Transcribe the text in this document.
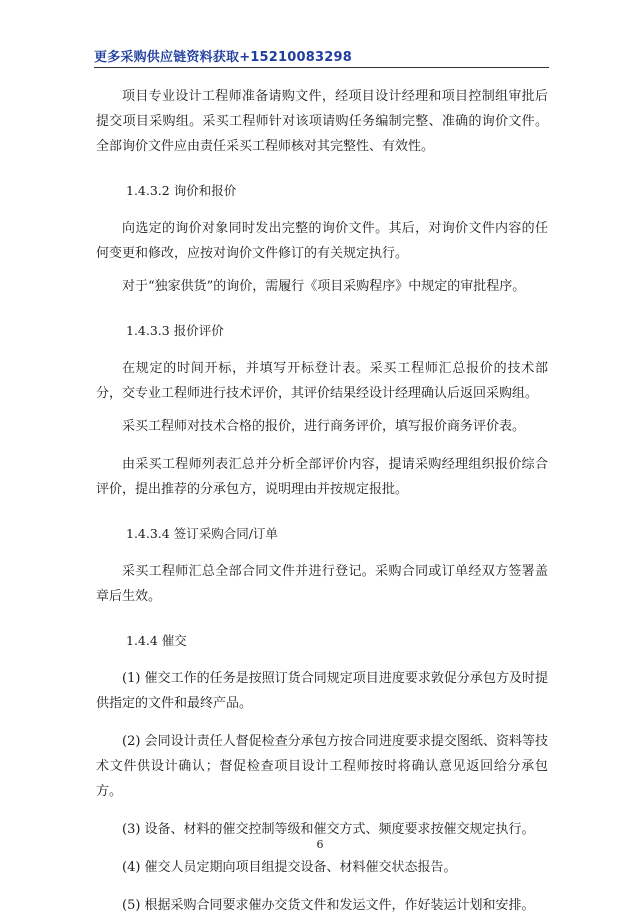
更多采购供应链资料获取+15210083298

项目专业设计工程师准备请购文件，经项目设计经理和项目控制组审批后提交项目采购组。采买工程师针对该项请购任务编制完整、准确的询价文件。全部询价文件应由责任采买工程师核对其完整性、有效性。

1.4.3.2 询价和报价

向选定的询价对象同时发出完整的询价文件。其后，对询价文件内容的任何变更和修改，应按对询价文件修订的有关规定执行。

对于“独家供货”的询价，需履行《项目采购程序》中规定的审批程序。

1.4.3.3 报价评价

在规定的时间开标，并填写开标登计表。采买工程师汇总报价的技术部分，交专业工程师进行技术评价，其评价结果经设计经理确认后返回采购组。

采买工程师对技术合格的报价，进行商务评价，填写报价商务评价表。

由采买工程师列表汇总并分析全部评价内容，提请采购经理组织报价综合评价，提出推荐的分承包方，说明理由并按规定报批。

1.4.3.4 签订采购合同/订单

采买工程师汇总全部合同文件并进行登记。采购合同或订单经双方签署盖章后生效。

1.4.4 催交

(1) 催交工作的任务是按照订货合同规定项目进度要求敦促分承包方及时提供指定的文件和最终产品。

(2) 会同设计责任人督促检查分承包方按合同进度要求提交图纸、资料等技术文件供设计确认；督促检查项目设计工程师按时将确认意见返回给分承包方。

(3) 设备、材料的催交控制等级和催交方式、频度要求按催交规定执行。

(4) 催交人员定期向项目组提交设备、材料催交状态报告。

(5) 根据采购合同要求催办交货文件和发运文件，作好装运计划和安排。

6
